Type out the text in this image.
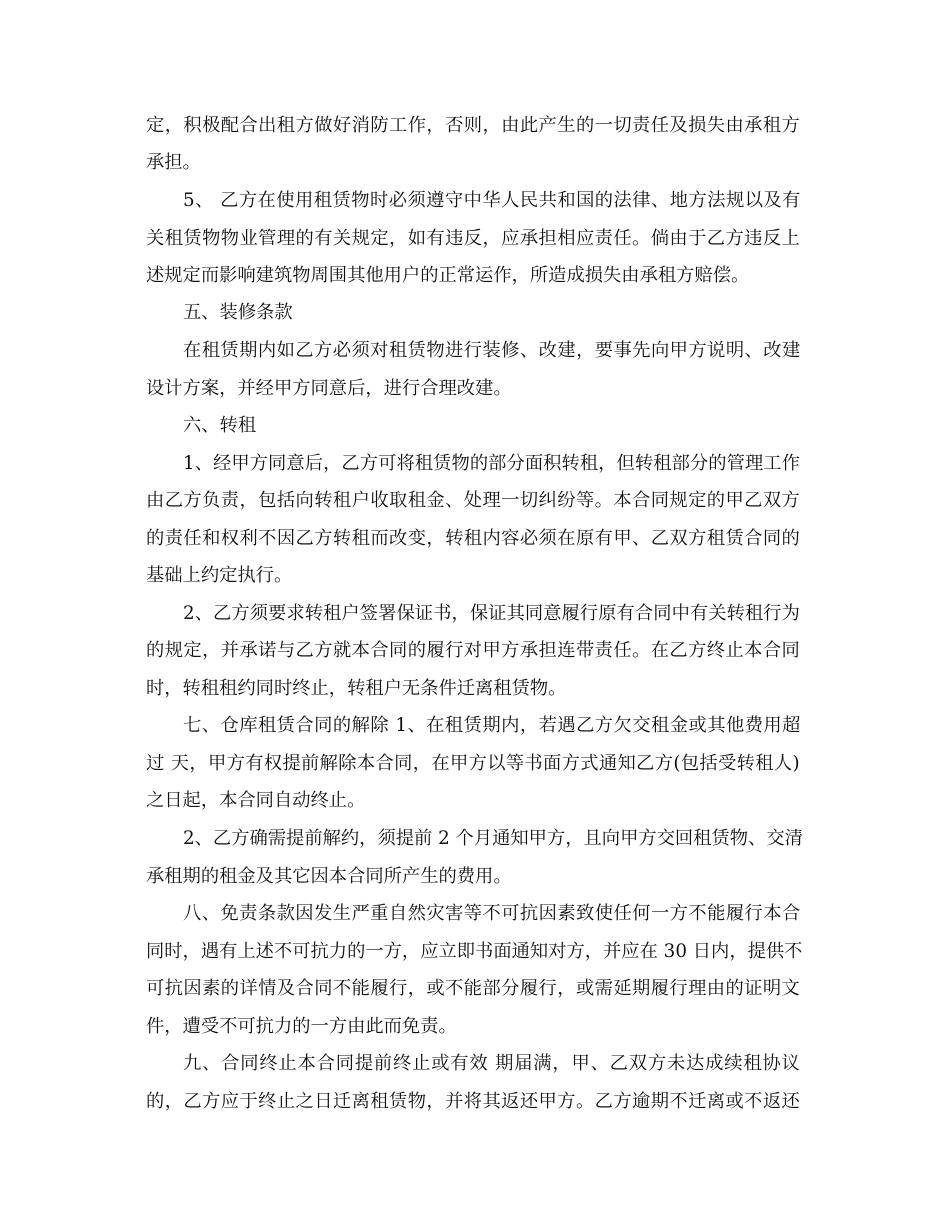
定，积极配合出租方做好消防工作，否则，由此产生的一切责任及损失由承租方
承担。
5、 乙方在使用租赁物时必须遵守中华人民共和国的法律、地方法规以及有
关租赁物物业管理的有关规定，如有违反，应承担相应责任。倘由于乙方违反上
述规定而影响建筑物周围其他用户的正常运作，所造成损失由承租方赔偿。
五、装修条款
在租赁期内如乙方必须对租赁物进行装修、改建，要事先向甲方说明、改建
设计方案，并经甲方同意后，进行合理改建。
六、转租
1、经甲方同意后，乙方可将租赁物的部分面积转租，但转租部分的管理工作
由乙方负责，包括向转租户收取租金、处理一切纠纷等。本合同规定的甲乙双方
的责任和权利不因乙方转租而改变，转租内容必须在原有甲、乙双方租赁合同的
基础上约定执行。
2、乙方须要求转租户签署保证书，保证其同意履行原有合同中有关转租行为
的规定，并承诺与乙方就本合同的履行对甲方承担连带责任。在乙方终止本合同
时，转租租约同时终止，转租户无条件迁离租赁物。
七、仓库租赁合同的解除 1、在租赁期内，若遇乙方欠交租金或其他费用超
过 天，甲方有权提前解除本合同，在甲方以等书面方式通知乙方(包括受转租人)
之日起，本合同自动终止。
2、乙方确需提前解约，须提前 2 个月通知甲方，且向甲方交回租赁物、交清
承租期的租金及其它因本合同所产生的费用。
八、免责条款因发生严重自然灾害等不可抗因素致使任何一方不能履行本合
同时，遇有上述不可抗力的一方，应立即书面通知对方，并应在 30 日内，提供不
可抗因素的详情及合同不能履行，或不能部分履行，或需延期履行理由的证明文
件，遭受不可抗力的一方由此而免责。
九、合同终止本合同提前终止或有效 期届满，甲、乙双方未达成续租协议
的，乙方应于终止之日迁离租赁物，并将其返还甲方。乙方逾期不迁离或不返还
